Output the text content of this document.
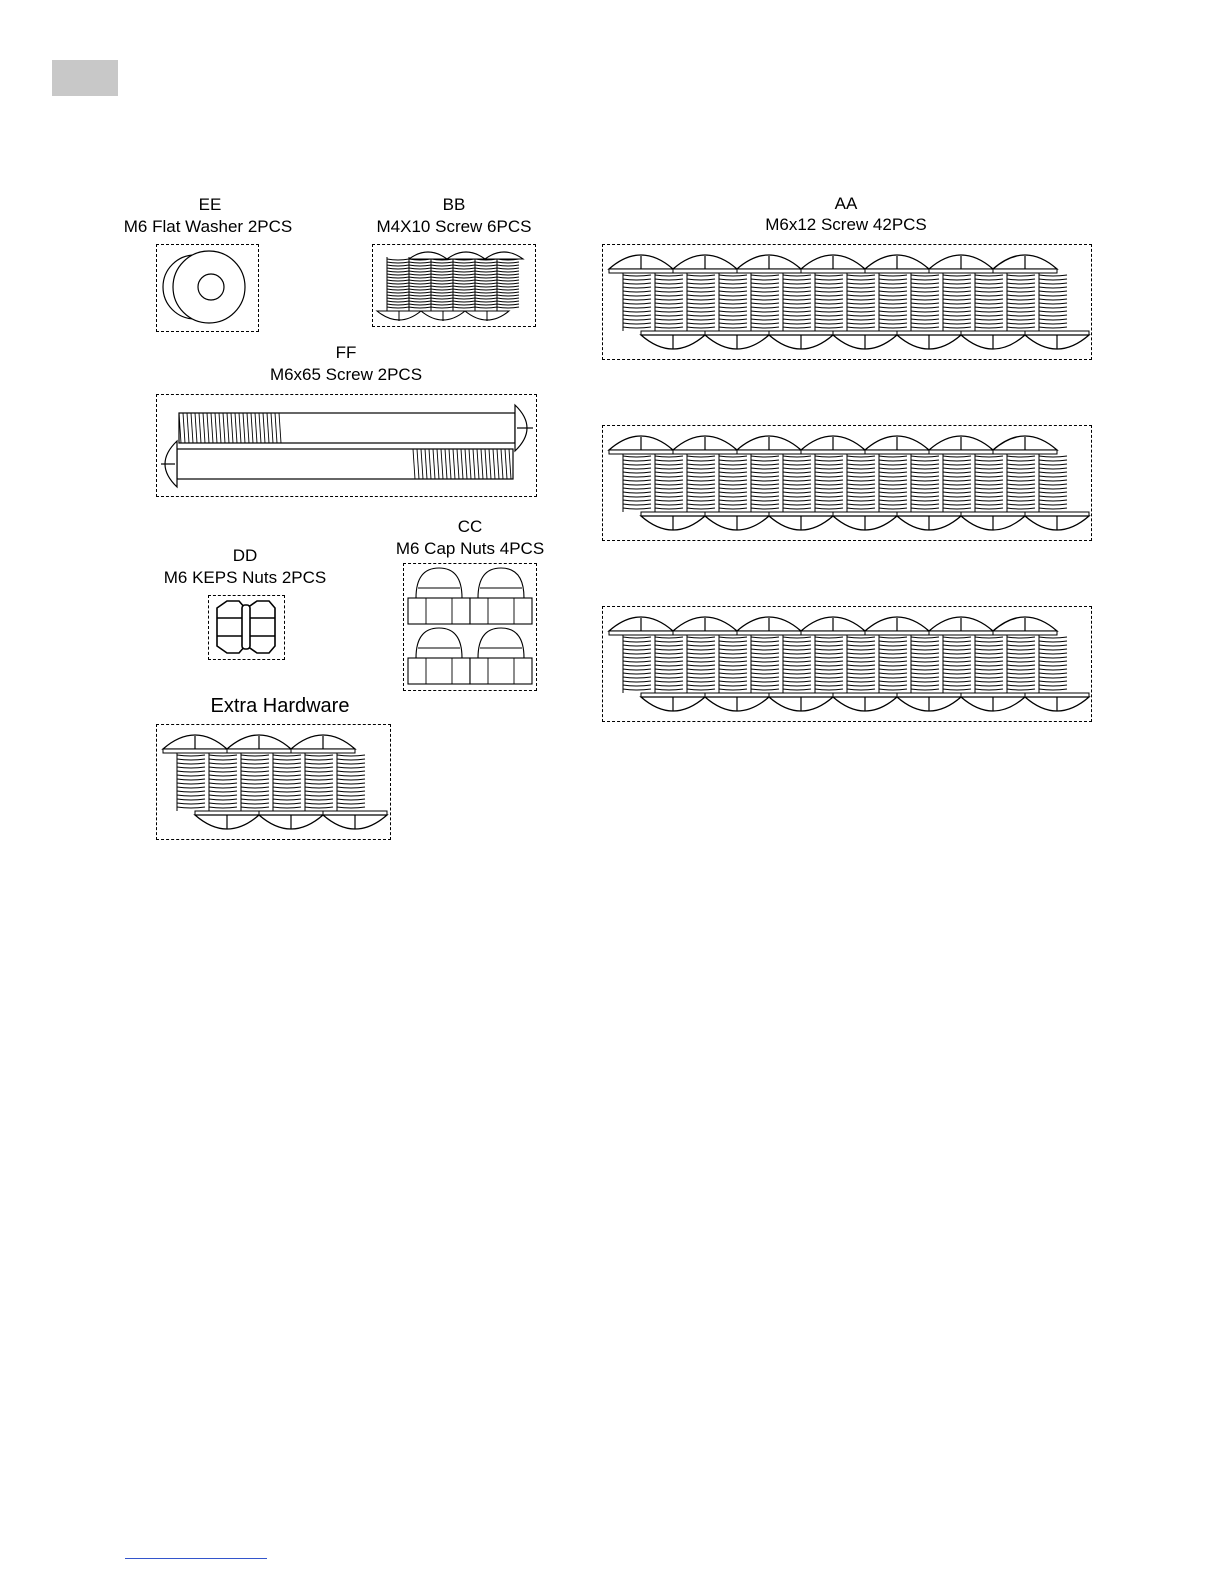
EE
M6 Flat Washer 2PCS
BB
M4X10 Screw 6PCS
FF
M6x65 Screw 2PCS
AA
M6x12 Screw 42PCS
DD
M6 KEPS Nuts 2PCS
CC
M6 Cap Nuts 4PCS
Extra Hardware
